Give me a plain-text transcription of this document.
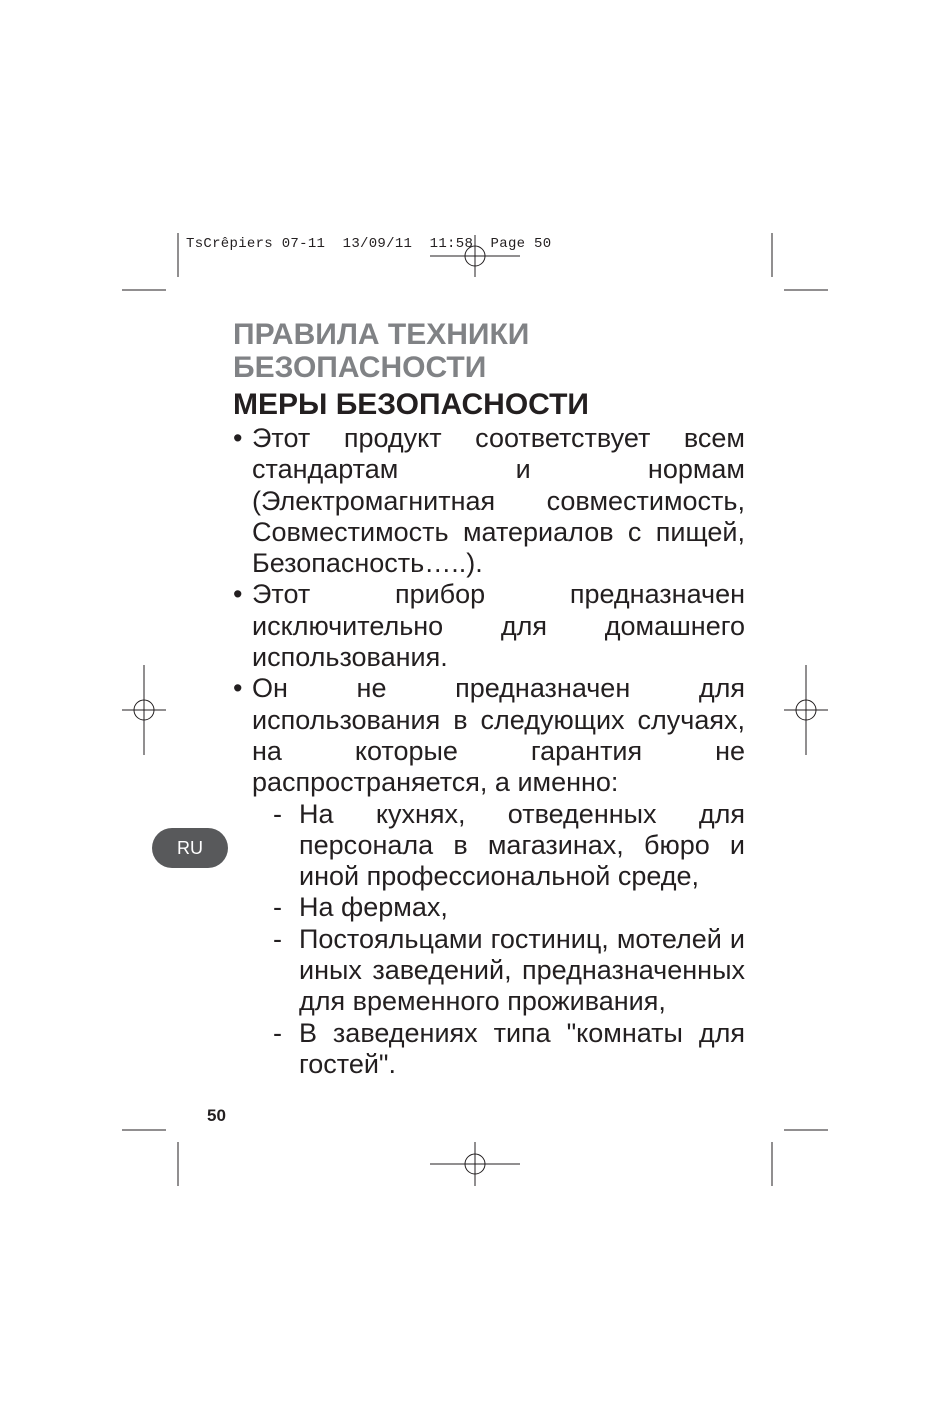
TsCrêpiers 07-11  13/09/11  11:58  Page 50
ПРАВИЛА ТЕХНИКИ
БЕЗОПАСНОСТИ
МЕРЫ БЕЗОПАСНОСТИ
• Этот продукт соответствует всем стандартам и нормам (Электромагнитная совместимость, Совместимость материалов с пищей, Безопасность…..).
• Этот прибор предназначен исключительно для домашнего использования.
• Он не предназначен для использования в следующих случаях, на которые гарантия не распространяется, а именно:
- На кухнях, отведенных для персонала в магазинах, бюро и иной профессиональной среде,
- На фермах,
- Постояльцами гостиниц, мотелей и иных заведений, предназначенных для временного проживания,
- В заведениях типа "комнаты для гостей".
RU
50
